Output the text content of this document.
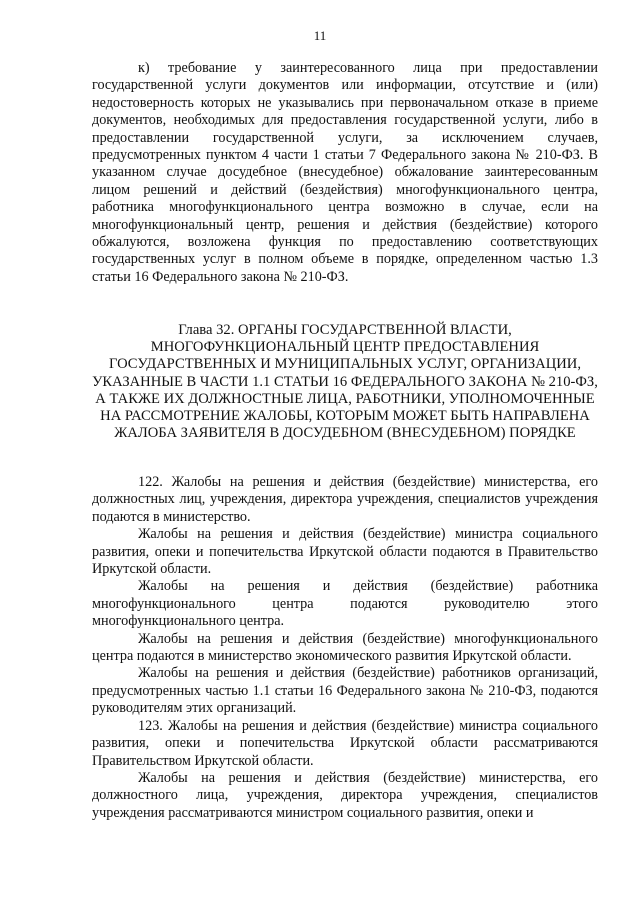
11

к) требование у заинтересованного лица при предоставлении государственной услуги документов или информации, отсутствие и (или) недостоверность которых не указывались при первоначальном отказе в приеме документов, необходимых для предоставления государственной услуги, либо в предоставлении государственной услуги, за исключением случаев, предусмотренных пунктом 4 части 1 статьи 7 Федерального закона № 210-ФЗ. В указанном случае досудебное (внесудебное) обжалование заинтересованным лицом решений и действий (бездействия) многофункционального центра, работника многофункционального центра возможно в случае, если на многофункциональный центр, решения и действия (бездействие) которого обжалуются, возложена функция по предоставлению соответствующих государственных услуг в полном объеме в порядке, определенном частью 1.3 статьи 16 Федерального закона № 210-ФЗ.

Глава 32. ОРГАНЫ ГОСУДАРСТВЕННОЙ ВЛАСТИ, МНОГОФУНКЦИОНАЛЬНЫЙ ЦЕНТР ПРЕДОСТАВЛЕНИЯ ГОСУДАРСТВЕННЫХ И МУНИЦИПАЛЬНЫХ УСЛУГ, ОРГАНИЗАЦИИ, УКАЗАННЫЕ В ЧАСТИ 1.1 СТАТЬИ 16 ФЕДЕРАЛЬНОГО ЗАКОНА № 210-ФЗ, А ТАКЖЕ ИХ ДОЛЖНОСТНЫЕ ЛИЦА, РАБОТНИКИ, УПОЛНОМОЧЕННЫЕ НА РАССМОТРЕНИЕ ЖАЛОБЫ, КОТОРЫМ МОЖЕТ БЫТЬ НАПРАВЛЕНА ЖАЛОБА ЗАЯВИТЕЛЯ В ДОСУДЕБНОМ (ВНЕСУДЕБНОМ) ПОРЯДКЕ

122. Жалобы на решения и действия (бездействие) министерства, его должностных лиц, учреждения, директора учреждения, специалистов учреждения подаются в министерство.

Жалобы на решения и действия (бездействие) министра социального развития, опеки и попечительства Иркутской области подаются в Правительство Иркутской области.

Жалобы на решения и действия (бездействие) работника многофункционального центра подаются руководителю этого многофункционального центра.

Жалобы на решения и действия (бездействие) многофункционального центра подаются в министерство экономического развития Иркутской области.

Жалобы на решения и действия (бездействие) работников организаций, предусмотренных частью 1.1 статьи 16 Федерального закона № 210-ФЗ, подаются руководителям этих организаций.

123. Жалобы на решения и действия (бездействие) министра социального развития, опеки и попечительства Иркутской области рассматриваются Правительством Иркутской области.

Жалобы на решения и действия (бездействие) министерства, его должностного лица, учреждения, директора учреждения, специалистов учреждения рассматриваются министром социального развития, опеки и
